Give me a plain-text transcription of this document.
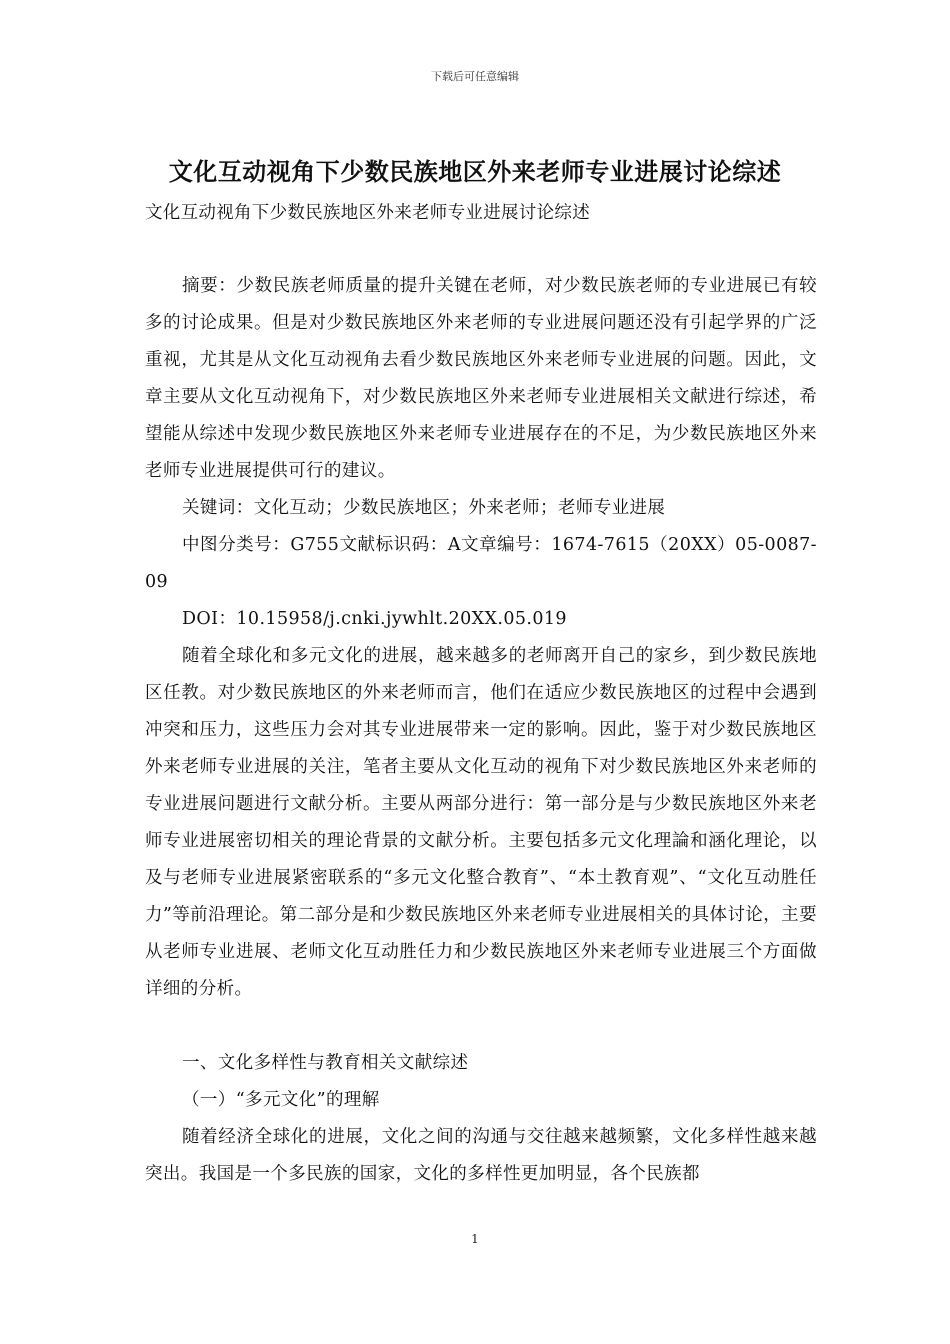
下载后可任意编辑
文化互动视角下少数民族地区外来老师专业进展讨论综述
文化互动视角下少数民族地区外来老师专业进展讨论综述

摘要：少数民族老师质量的提升关键在老师，对少数民族老师的专业进展已有较多的讨论成果。但是对少数民族地区外来老师的专业进展问题还没有引起学界的广泛重视，尤其是从文化互动视角去看少数民族地区外来老师专业进展的问题。因此，文章主要从文化互动视角下，对少数民族地区外来老师专业进展相关文献进行综述，希望能从综述中发现少数民族地区外来老师专业进展存在的不足，为少数民族地区外来老师专业进展提供可行的建议。

关键词：文化互动；少数民族地区；外来老师；老师专业进展

中图分类号：G755文献标识码：A文章编号：1674-7615（20XX）05-0087-09

DOI：10.15958/j.cnki.jywhlt.20XX.05.019

随着全球化和多元文化的进展，越来越多的老师离开自己的家乡，到少数民族地区任教。对少数民族地区的外来老师而言，他们在适应少数民族地区的过程中会遇到冲突和压力，这些压力会对其专业进展带来一定的影响。因此，鉴于对少数民族地区外来老师专业进展的关注，笔者主要从文化互动的视角下对少数民族地区外来老师的专业进展问题进行文献分析。主要从两部分进行：第一部分是与少数民族地区外来老师专业进展密切相关的理论背景的文献分析。主要包括多元文化理論和涵化理论，以及与老师专业进展紧密联系的“多元文化整合教育”、“本土教育观”、“文化互动胜任力”等前沿理论。第二部分是和少数民族地区外来老师专业进展相关的具体讨论，主要从老师专业进展、老师文化互动胜任力和少数民族地区外来老师专业进展三个方面做详细的分析。

一、文化多样性与教育相关文献综述

（一）“多元文化”的理解

随着经济全球化的进展，文化之间的沟通与交往越来越频繁，文化多样性越来越突出。我国是一个多民族的国家，文化的多样性更加明显，各个民族都

1
